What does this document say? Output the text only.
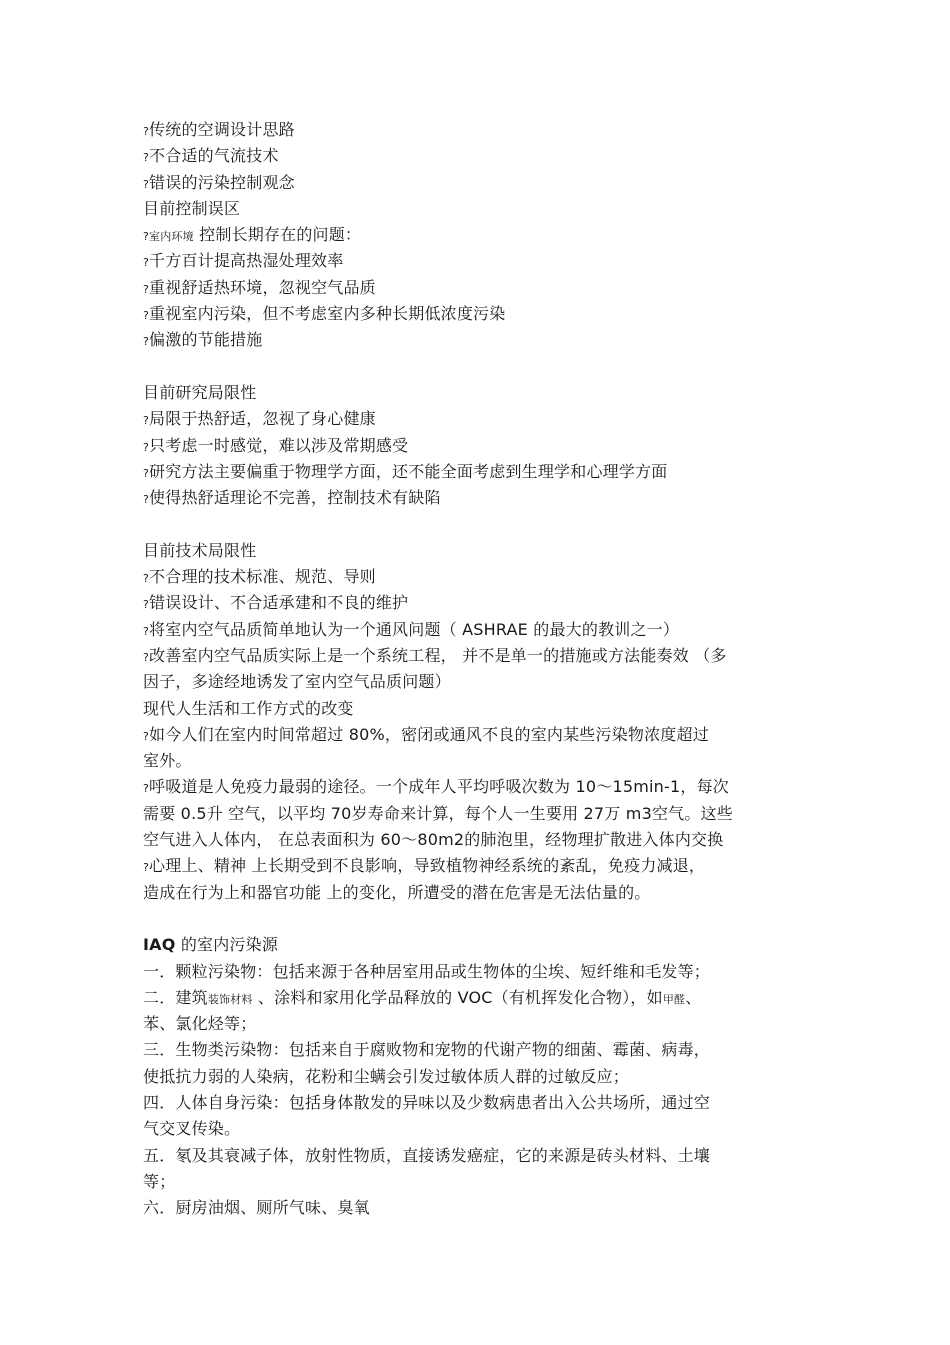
?传统的空调设计思路
?不合适的气流技术
?错误的污染控制观念
目前控制误区
?室内环境 控制长期存在的问题：
?千方百计提高热湿处理效率
?重视舒适热环境，忽视空气品质
?重视室内污染，但不考虑室内多种长期低浓度污染
?偏激的节能措施
目前研究局限性
?局限于热舒适，忽视了身心健康
?只考虑一时感觉，难以涉及常期感受
?研究方法主要偏重于物理学方面，还不能全面考虑到生理学和心理学方面
?使得热舒适理论不完善，控制技术有缺陷
目前技术局限性
?不合理的技术标准、规范、导则
?错误设计、不合适承建和不良的维护
?将室内空气品质简单地认为一个通风问题（ ASHRAE 的最大的教训之一）
?改善室内空气品质实际上是一个系统工程， 并不是单一的措施或方法能奏效 （多
因子，多途经地诱发了室内空气品质问题）
现代人生活和工作方式的改变
?如今人们在室内时间常超过 80%，密闭或通风不良的室内某些污染物浓度超过
室外。
?呼吸道是人免疫力最弱的途径。一个成年人平均呼吸次数为 10～15min-1，每次
需要 0.5升 空气，以平均 70岁寿命来计算，每个人一生要用 27万 m3空气。这些
空气进入人体内， 在总表面积为 60～80m2的肺泡里，经物理扩散进入体内交换
?心理上、精神 上长期受到不良影响，导致植物神经系统的紊乱，免疫力减退，
造成在行为上和器官功能 上的变化，所遭受的潜在危害是无法估量的。
IAQ 的室内污染源
一．颗粒污染物：包括来源于各种居室用品或生物体的尘埃、短纤维和毛发等；
二．建筑装饰材料 、涂料和家用化学品释放的 VOC（有机挥发化合物），如甲醛、
苯、氯化烃等；
三．生物类污染物：包括来自于腐败物和宠物的代谢产物的细菌、霉菌、病毒，
使抵抗力弱的人染病，花粉和尘螨会引发过敏体质人群的过敏反应；
四．人体自身污染：包括身体散发的异味以及少数病患者出入公共场所，通过空
气交叉传染。
五．氡及其衰减子体，放射性物质，直接诱发癌症，它的来源是砖头材料、土壤
等；
六．厨房油烟、厕所气味、臭氧
